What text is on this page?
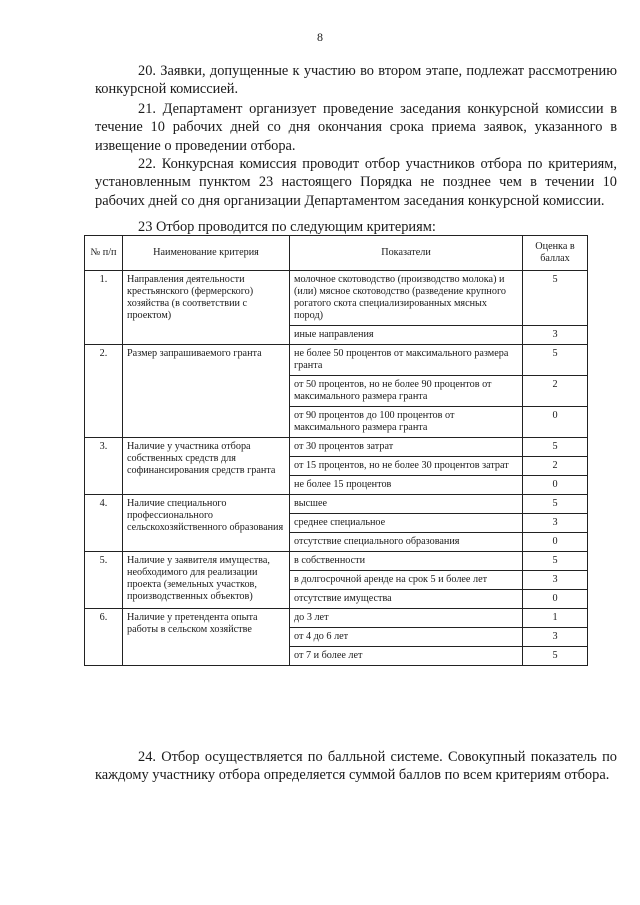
8
20. Заявки, допущенные к участию во втором этапе, подлежат рассмотрению конкурсной комиссией.
21. Департамент организует проведение заседания конкурсной комиссии в течение 10 рабочих дней со дня окончания срока приема заявок, указанного в извещение о проведении отбора.
22. Конкурсная комиссия проводит отбор участников отбора по критериям, установленным пунктом 23 настоящего Порядка не позднее чем в течении 10 рабочих дней со дня организации Департаментом заседания конкурсной комиссии.
23 Отбор проводится по следующим критериям:
№ п/п	Наименование критерия	Показатели	Оценка в баллах
1.	Направления деятельности крестьянского (фермерского) хозяйства (в соответствии с проектом)	молочное скотоводство (производство молока) и (или) мясное скотоводство (разведение крупного рогатого скота специализированных мясных пород)	5
		иные направления	3
2.	Размер запрашиваемого гранта	не более 50 процентов от максимального размера гранта	5
		от 50 процентов, но не более 90 процентов от максимального размера гранта	2
		от 90 процентов до 100 процентов от максимального размера гранта	0
3.	Наличие у участника отбора собственных средств для софинансирования средств гранта	от 30 процентов затрат	5
		от 15 процентов, но не более 30 процентов затрат	2
		не более 15 процентов	0
4.	Наличие специального профессионального сельскохозяйственного образования	высшее	5
		среднее специальное	3
		отсутствие специального образования	0
5.	Наличие у заявителя имущества, необходимого для реализации проекта (земельных участков, производственных объектов)	в собственности	5
		в долгосрочной аренде на срок 5 и более лет	3
		отсутствие имущества	0
6.	Наличие у претендента опыта работы в сельском хозяйстве	до 3 лет	1
		от 4 до 6 лет	3
		от 7 и более лет	5
24. Отбор осуществляется по балльной системе. Совокупный показатель по каждому участнику отбора определяется суммой баллов по всем критериям отбора.
